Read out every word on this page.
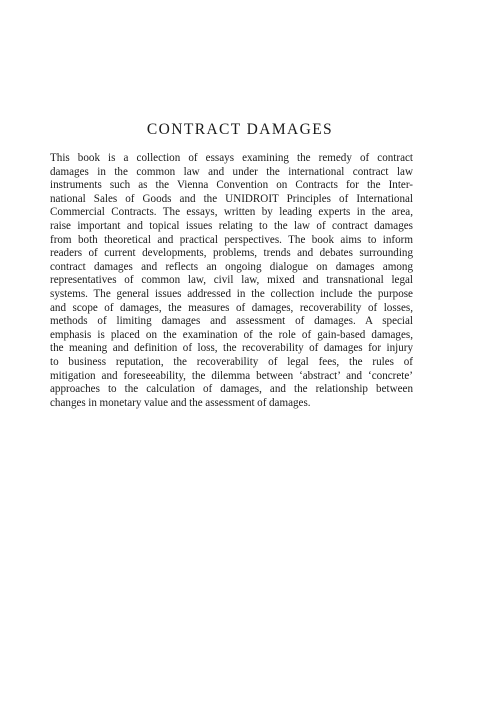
CONTRACT DAMAGES
This book is a collection of essays examining the remedy of contract
damages in the common law and under the international contract law
instruments such as the Vienna Convention on Contracts for the Inter-
national Sales of Goods and the UNIDROIT Principles of International
Commercial Contracts. The essays, written by leading experts in the area,
raise important and topical issues relating to the law of contract damages
from both theoretical and practical perspectives. The book aims to inform
readers of current developments, problems, trends and debates surrounding
contract damages and reflects an ongoing dialogue on damages among
representatives of common law, civil law, mixed and transnational legal
systems. The general issues addressed in the collection include the purpose
and scope of damages, the measures of damages, recoverability of losses,
methods of limiting damages and assessment of damages. A special
emphasis is placed on the examination of the role of gain-based damages,
the meaning and definition of loss, the recoverability of damages for injury
to business reputation, the recoverability of legal fees, the rules of
mitigation and foreseeability, the dilemma between ‘abstract’ and ‘concrete’
approaches to the calculation of damages, and the relationship between
changes in monetary value and the assessment of damages.
